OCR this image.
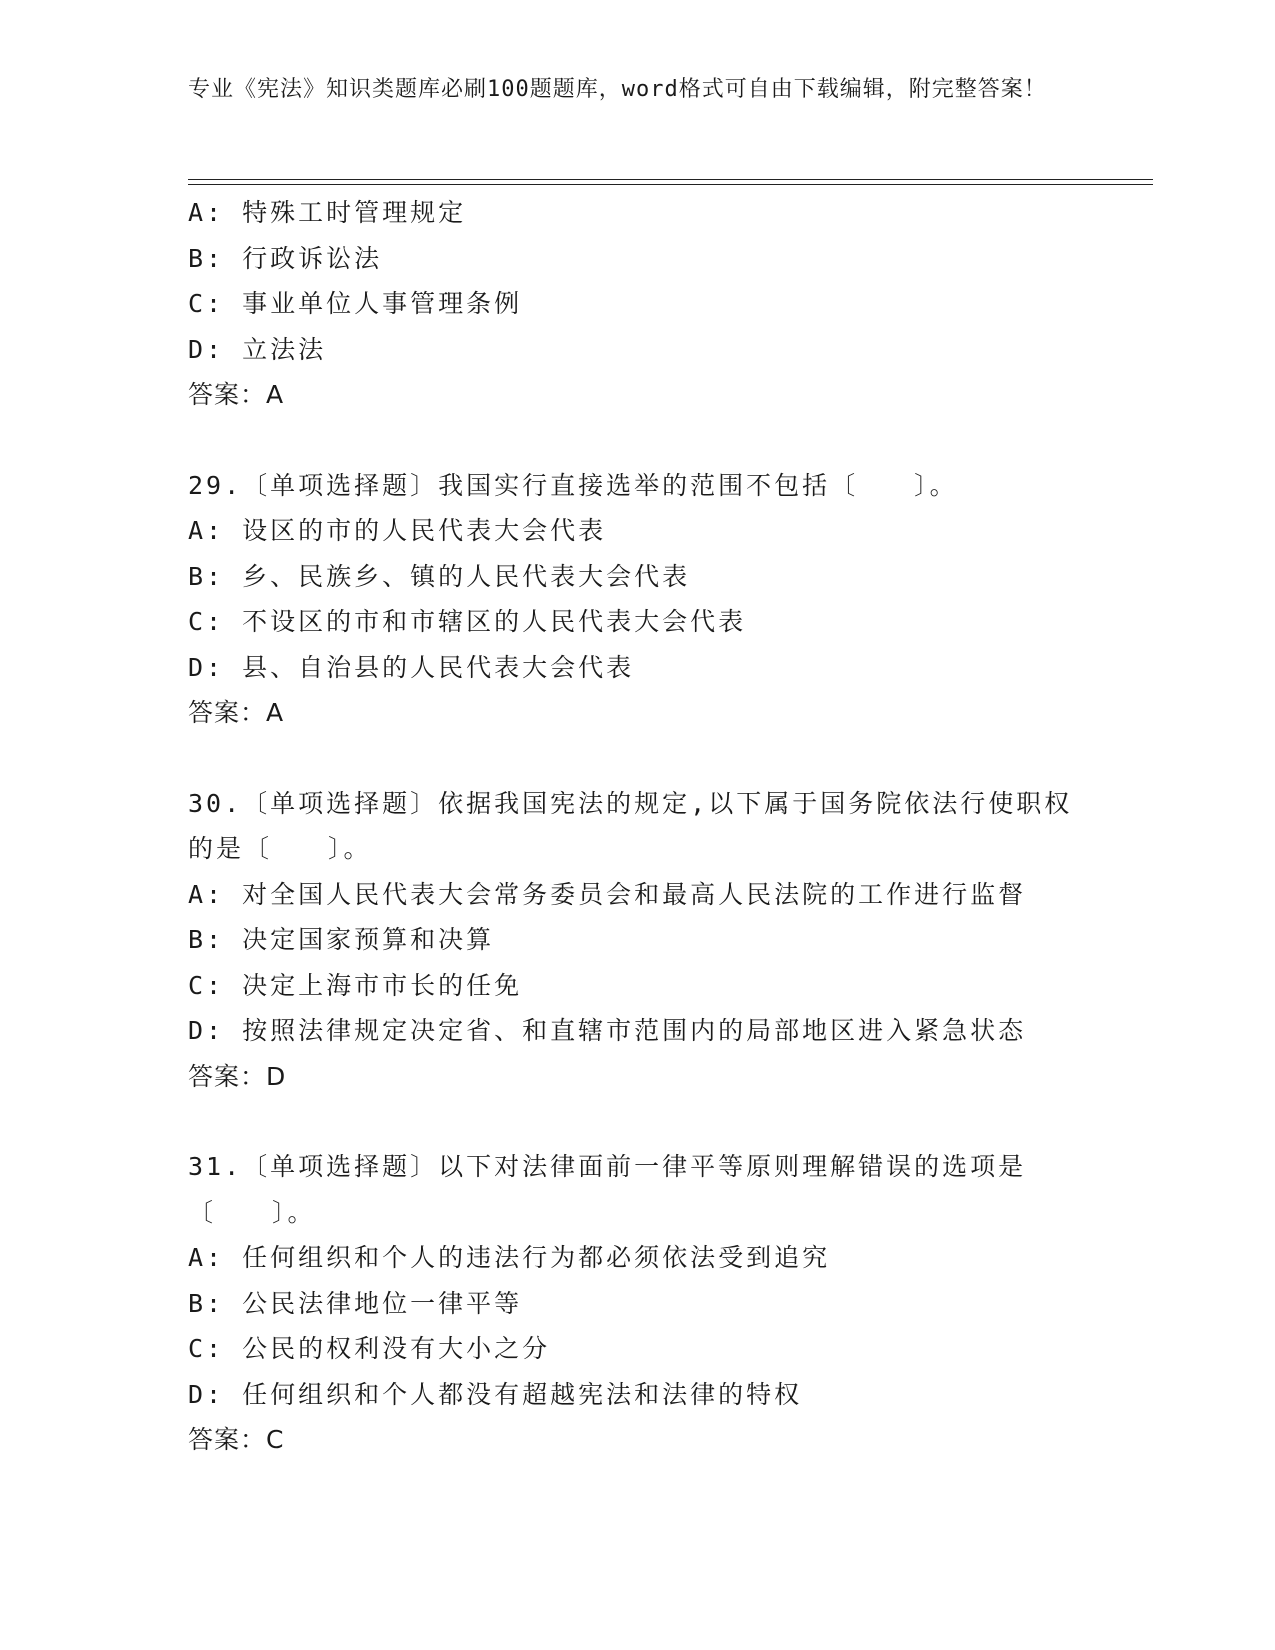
专业《宪法》知识类题库必刷100题题库，word格式可自由下载编辑，附完整答案！
A: 特殊工时管理规定
B: 行政诉讼法
C: 事业单位人事管理条例
D: 立法法
答案：A
29.〔单项选择题〕我国实行直接选举的范围不包括〔　　〕。
A: 设区的市的人民代表大会代表
B: 乡、民族乡、镇的人民代表大会代表
C: 不设区的市和市辖区的人民代表大会代表
D: 县、自治县的人民代表大会代表
答案：A
30.〔单项选择题〕依据我国宪法的规定,以下属于国务院依法行使职权的是〔　　〕。
A: 对全国人民代表大会常务委员会和最高人民法院的工作进行监督
B: 决定国家预算和决算
C: 决定上海市市长的任免
D: 按照法律规定决定省、和直辖市范围内的局部地区进入紧急状态
答案：D
31.〔单项选择题〕以下对法律面前一律平等原则理解错误的选项是〔　　〕。
A: 任何组织和个人的违法行为都必须依法受到追究
B: 公民法律地位一律平等
C: 公民的权利没有大小之分
D: 任何组织和个人都没有超越宪法和法律的特权
答案：C
